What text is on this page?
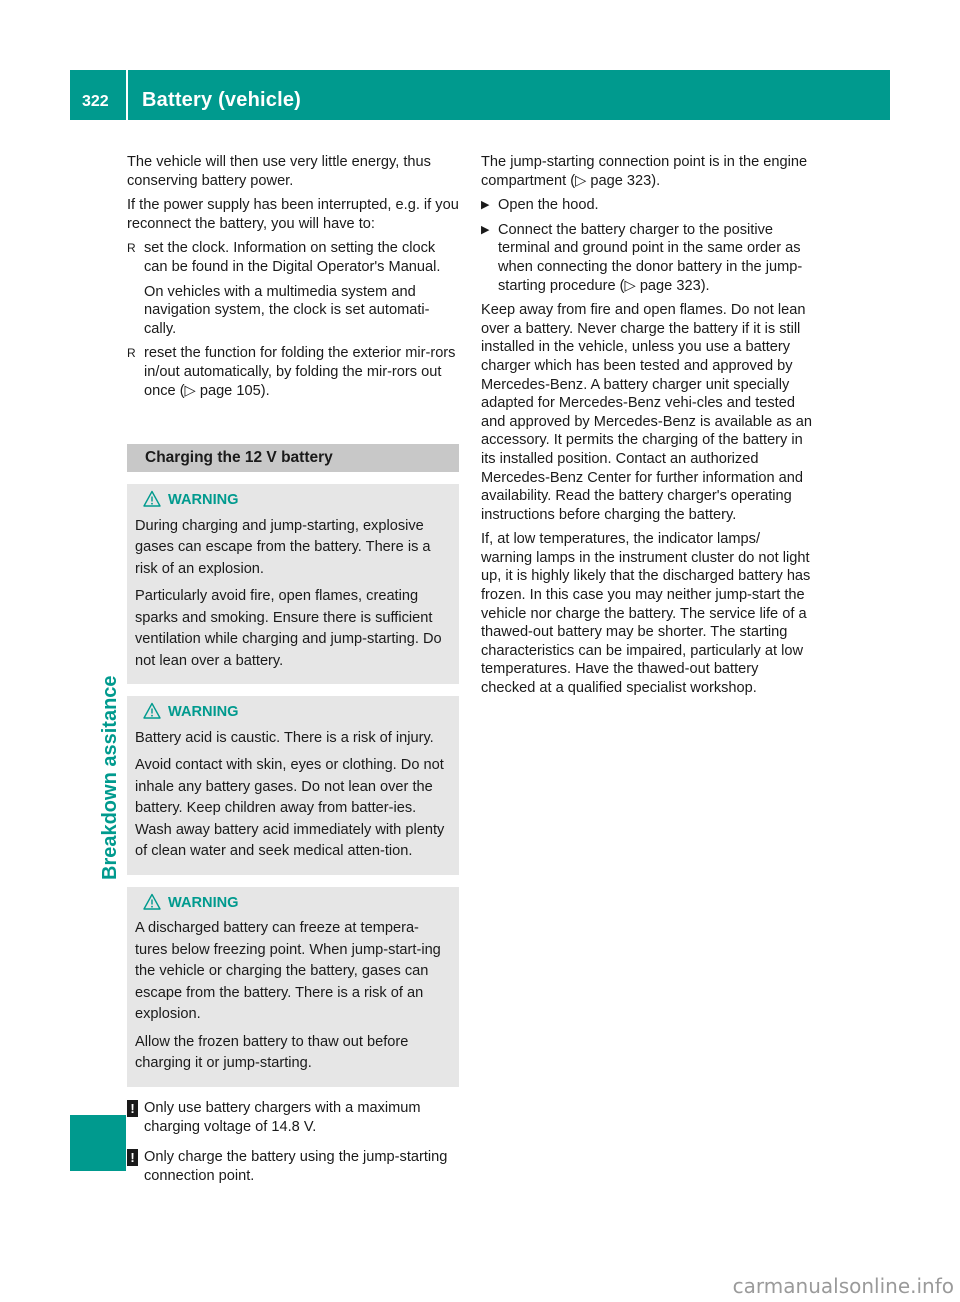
322 Battery (vehicle)
Breakdown assitance

The vehicle will then use very little energy, thus conserving battery power.

If the power supply has been interrupted, e.g. if you reconnect the battery, you will have to:

R set the clock. Information on setting the clock can be found in the Digital Operator's Manual.

On vehicles with a multimedia system and navigation system, the clock is set automati-cally.

R reset the function for folding the exterior mir-rors in/out automatically, by folding the mir-rors out once (▷ page 105).
Charging the 12 V battery
WARNING

During charging and jump-starting, explosive gases can escape from the battery. There is a risk of an explosion.

Particularly avoid fire, open flames, creating sparks and smoking. Ensure there is sufficient ventilation while charging and jump-starting. Do not lean over a battery.

WARNING

Battery acid is caustic. There is a risk of injury.

Avoid contact with skin, eyes or clothing. Do not inhale any battery gases. Do not lean over the battery. Keep children away from batter-ies. Wash away battery acid immediately with plenty of clean water and seek medical atten-tion.

WARNING

A discharged battery can freeze at tempera-tures below freezing point. When jump-start-ing the vehicle or charging the battery, gases can escape from the battery. There is a risk of an explosion.

Allow the frozen battery to thaw out before charging it or jump-starting.

! Only use battery chargers with a maximum charging voltage of 14.8 V.
! Only charge the battery using the jump-starting connection point.

The jump-starting connection point is in the engine compartment (▷ page 323).

▶ Open the hood.
▶ Connect the battery charger to the positive terminal and ground point in the same order as when connecting the donor battery in the jump-starting procedure (▷ page 323).

Keep away from fire and open flames. Do not lean over a battery. Never charge the battery if it is still installed in the vehicle, unless you use a battery charger which has been tested and approved by Mercedes-Benz. A battery charger unit specially adapted for Mercedes-Benz vehi-cles and tested and approved by Mercedes-Benz is available as an accessory. It permits the charging of the battery in its installed position. Contact an authorized Mercedes-Benz Center for further information and availability. Read the battery charger's operating instructions before charging the battery.

If, at low temperatures, the indicator lamps/ warning lamps in the instrument cluster do not light up, it is highly likely that the discharged battery has frozen. In this case you may neither jump-start the vehicle nor charge the battery. The service life of a thawed-out battery may be shorter. The starting characteristics can be impaired, particularly at low temperatures. Have the thawed-out battery checked at a qualified specialist workshop.

carmanualsonline.info
